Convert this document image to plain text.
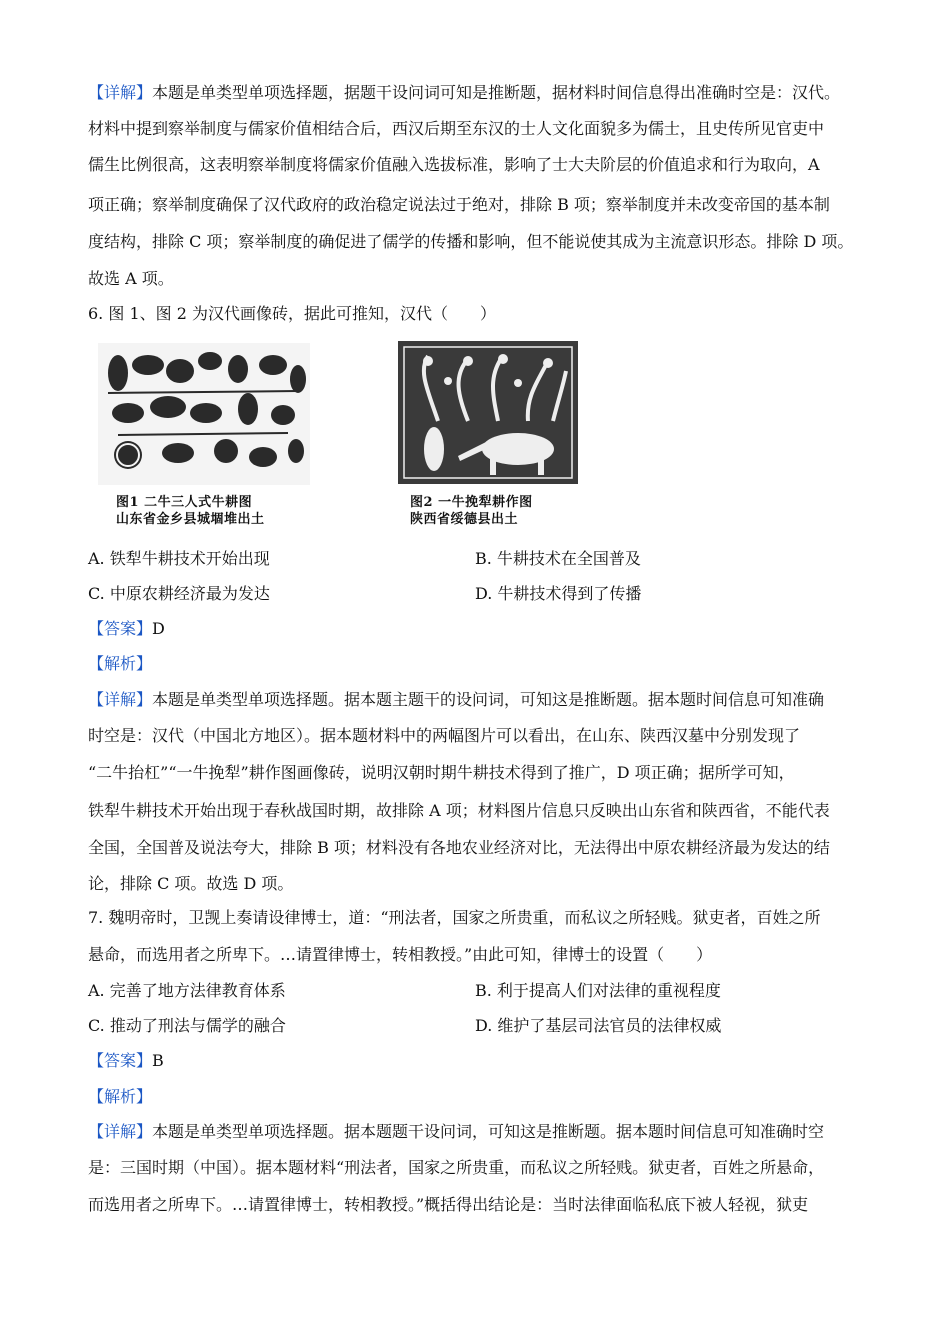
【详解】本题是单类型单项选择题，据题干设问词可知是推断题，据材料时间信息得出准确时空是：汉代。
材料中提到察举制度与儒家价值相结合后，西汉后期至东汉的士人文化面貌多为儒士，且史传所见官吏中
儒生比例很高，这表明察举制度将儒家价值融入选拔标准，影响了士大夫阶层的价值追求和行为取向，A
项正确；察举制度确保了汉代政府的政治稳定说法过于绝对，排除 B 项；察举制度并未改变帝国的基本制
度结构，排除 C 项；察举制度的确促进了儒学的传播和影响，但不能说使其成为主流意识形态。排除 D 项。
故选 A 项。
6. 图 1、图 2 为汉代画像砖，据此可推知，汉代（　　）
图1 二牛三人式牛耕图
山东省金乡县城堌堆出土
图2 一牛挽犁耕作图
陕西省绥德县出土
A. 铁犁牛耕技术开始出现	B. 牛耕技术在全国普及
C. 中原农耕经济最为发达	D. 牛耕技术得到了传播
【答案】D
【解析】
【详解】本题是单类型单项选择题。据本题主题干的设问词，可知这是推断题。据本题时间信息可知准确
时空是：汉代（中国北方地区）。据本题材料中的两幅图片可以看出，在山东、陕西汉墓中分别发现了
“二牛抬杠”“一牛挽犁”耕作图画像砖，说明汉朝时期牛耕技术得到了推广，D 项正确；据所学可知，
铁犁牛耕技术开始出现于春秋战国时期，故排除 A 项；材料图片信息只反映出山东省和陕西省，不能代表
全国，全国普及说法夸大，排除 B 项；材料没有各地农业经济对比，无法得出中原农耕经济最为发达的结
论，排除 C 项。故选 D 项。
7. 魏明帝时，卫觊上奏请设律博士，道：“刑法者，国家之所贵重，而私议之所轻贱。狱吏者，百姓之所
悬命，而选用者之所卑下。…请置律博士，转相教授。”由此可知，律博士的设置（　　）
A. 完善了地方法律教育体系	B. 利于提高人们对法律的重视程度
C. 推动了刑法与儒学的融合	D. 维护了基层司法官员的法律权威
【答案】B
【解析】
【详解】本题是单类型单项选择题。据本题题干设问词，可知这是推断题。据本题时间信息可知准确时空
是：三国时期（中国）。据本题材料“刑法者，国家之所贵重，而私议之所轻贱。狱吏者，百姓之所悬命，
而选用者之所卑下。…请置律博士，转相教授。”概括得出结论是：当时法律面临私底下被人轻视，狱吏
